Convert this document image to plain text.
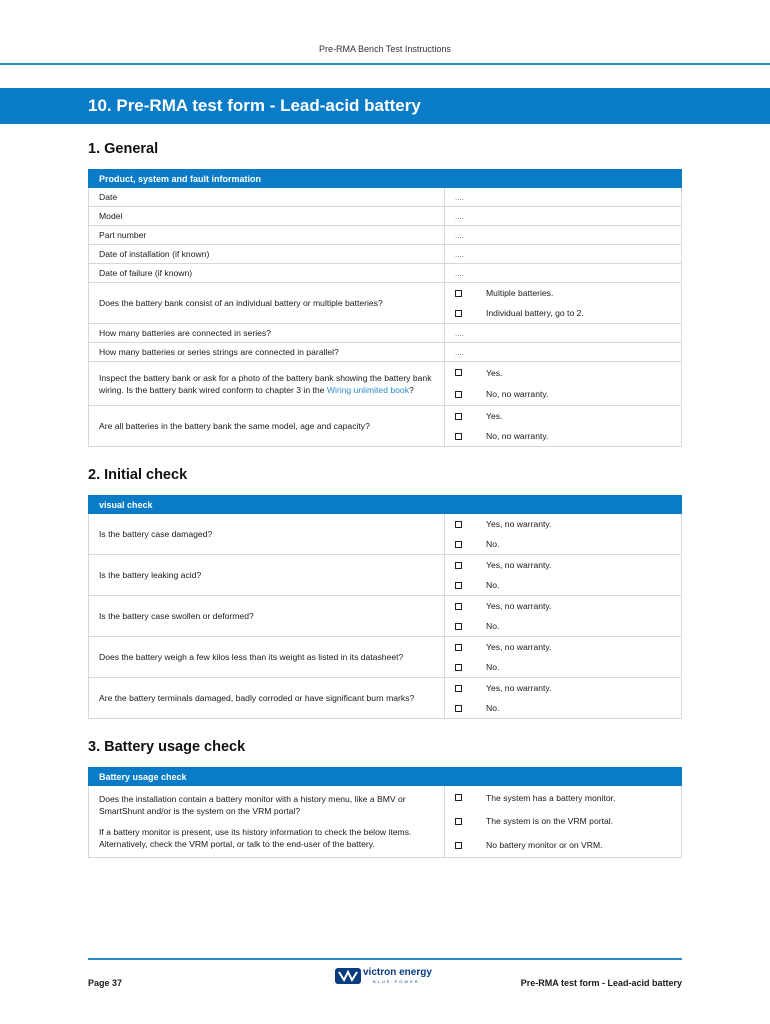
Pre-RMA Bench Test Instructions
10. Pre-RMA test form - Lead-acid battery
1. General
Product, system and fault information
Date	....
Model	....
Part number	....
Date of installation (if known)	....
Date of failure (if known)	....
Does the battery bank consist of an individual battery or multiple batteries?
Multiple batteries.
Individual battery, go to 2.
How many batteries are connected in series?	....
How many batteries or series strings are connected in parallel?	....
Inspect the battery bank or ask for a photo of the battery bank showing the battery bank wiring. Is the battery bank wired conform to chapter 3 in the Wiring unlimited book?
Yes.
No, no warranty.
Are all batteries in the battery bank the same model, age and capacity?
Yes.
No, no warranty.
2. Initial check
visual check
Is the battery case damaged?
Yes, no warranty.
No.
Is the battery leaking acid?
Yes, no warranty.
No.
Is the battery case swollen or deformed?
Yes, no warranty.
No.
Does the battery weigh a few kilos less than its weight as listed in its datasheet?
Yes, no warranty.
No.
Are the battery terminals damaged, badly corroded or have significant burn marks?
Yes, no warranty.
No.
3. Battery usage check
Battery usage check
Does the installation contain a battery monitor with a history menu, like a BMV or SmartShunt and/or is the system on the VRM portal?
If a battery monitor is present, use its history information to check the below items. Alternatively, check the VRM portal, or talk to the end-user of the battery.
The system has a battery monitor.
The system is on the VRM portal.
No battery monitor or on VRM.
Page 37
victron energy
BLUE POWER	Pre-RMA test form - Lead-acid battery
